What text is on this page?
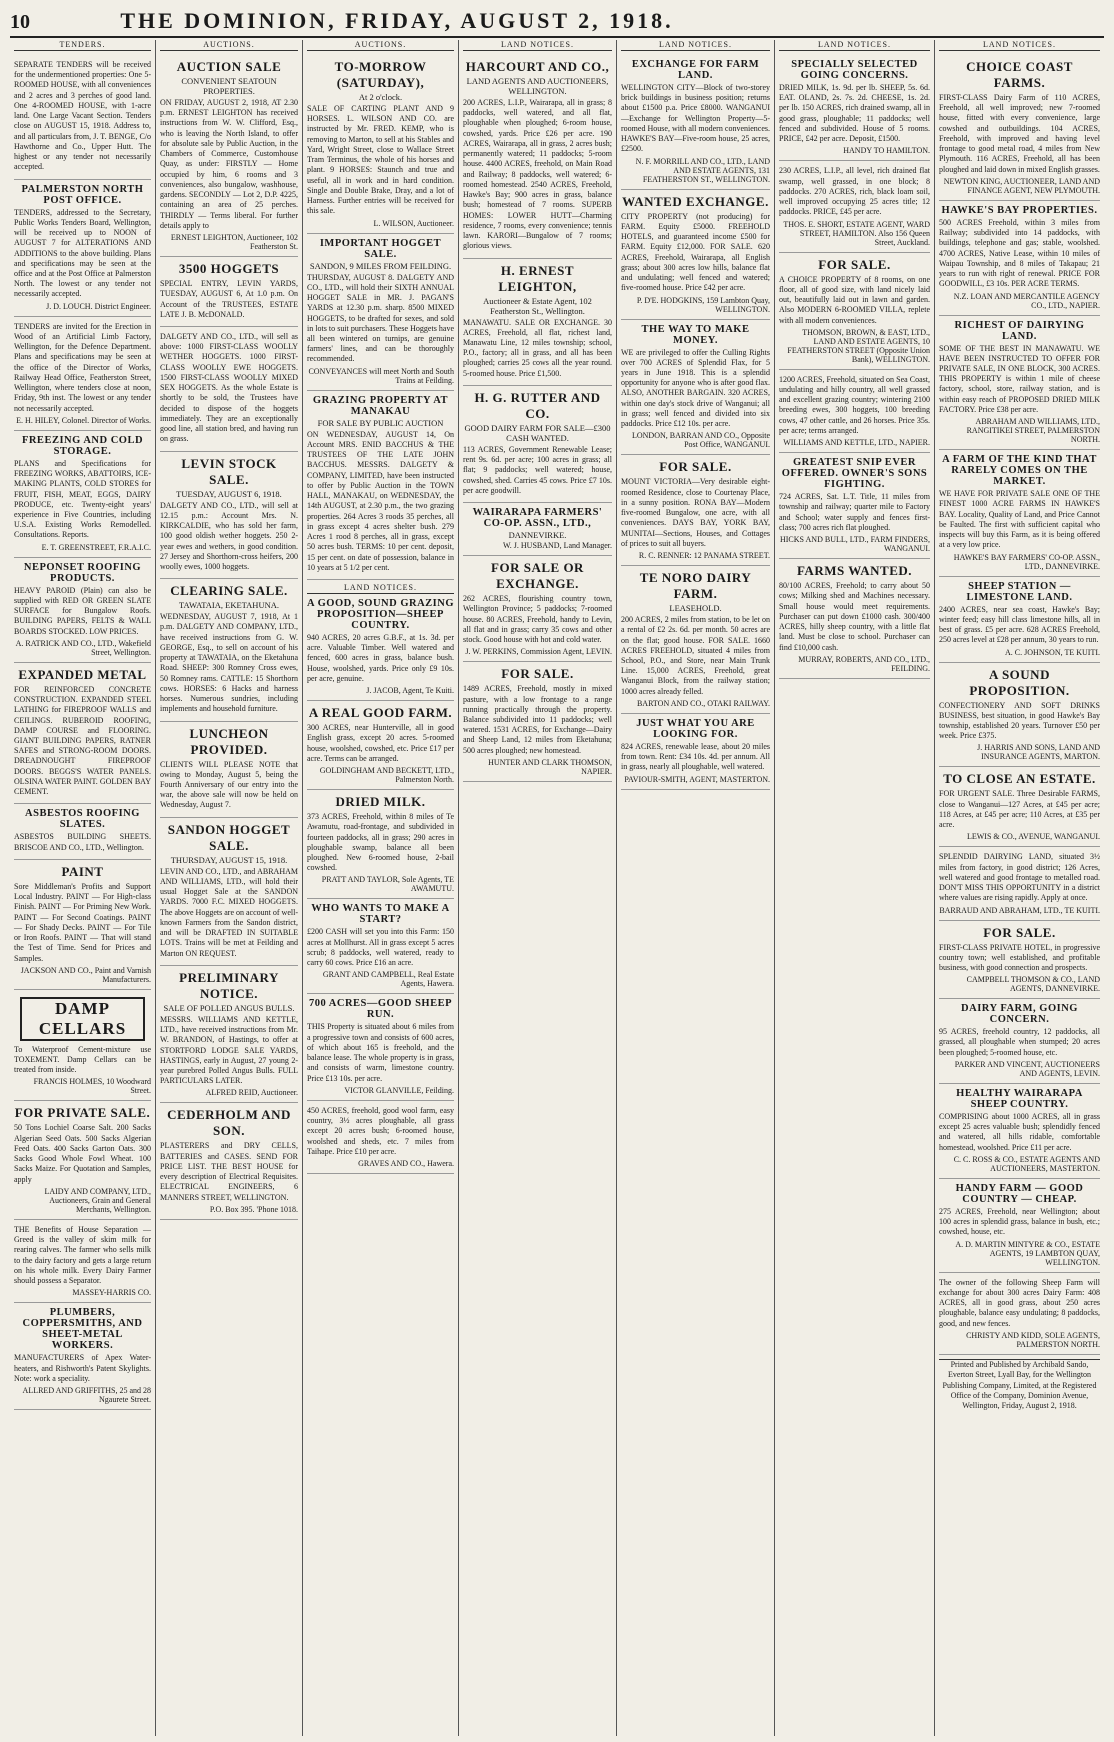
10	THE DOMINION, FRIDAY, AUGUST 2, 1918.
TENDERS.
SEPARATE TENDERS will be received for the undermentioned properties: One 5-ROOMED HOUSE, with all conveniences and 2 acres and 3 perches of good land. One 4-ROOMED HOUSE, with 1-acre land. One Large Vacant Section. Tenders close on AUGUST 15, 1918. Address to, and all particulars from, J. T. BENGE, C/o Hawthorne and Co., Upper Hutt. The highest or any tender not necessarily accepted.
PALMERSTON NORTH POST OFFICE.
TENDERS, addressed to the Secretary, Public Works Tenders Board, Wellington, will be received up to NOON of AUGUST 7 for ALTERATIONS AND ADDITIONS to the above building. Plans and specifications may be seen at the office and at the Post Office at Palmerston North. The lowest or any tender not necessarily accepted.
J. D. LOUCH. District Engineer.
TENDERS are invited for the Erection in Wood of an Artificial Limb Factory, Wellington, for the Defence Department. Plans and specifications may be seen at the office of the Director of Works, Railway Head Office, Featherston Street, Wellington, where tenders close at noon, Friday, 9th inst. The lowest or any tender not necessarily accepted.
E. H. HILEY, Colonel. Director of Works.
FREEZING AND COLD STORAGE.
PLANS and Specifications for FREEZING WORKS, ABATTOIRS, ICE-MAKING PLANTS, COLD STORES for FRUIT, FISH, MEAT, EGGS, DAIRY PRODUCE, etc. Twenty-eight years' experience in Five Countries, including U.S.A. Existing Works Remodelled. Consultations. Reports.
E. T. GREENSTREET, F.R.A.I.C.
NEPONSET ROOFING PRODUCTS.
HEAVY PAROID (Plain) can also be supplied with RED OR GREEN SLATE SURFACE for Bungalow Roofs. BUILDING PAPERS, FELTS & WALL BOARDS STOCKED. LOW PRICES.
A. RATRICK AND CO., LTD., Wakefield Street, Wellington.
EXPANDED METAL
FOR REINFORCED CONCRETE CONSTRUCTION. EXPANDED STEEL LATHING for FIREPROOF WALLS and CEILINGS. RUBEROID ROOFING, DAMP COURSE and FLOORING. GIANT BUILDING PAPERS, RATNER SAFES and STRONG-ROOM DOORS. DREADNOUGHT FIREPROOF DOORS. BEGGS'S WATER PANELS. OLSINA WATER PAINT. GOLDEN BAY CEMENT.
ASBESTOS ROOFING SLATES.
ASBESTOS BUILDING SHEETS. BRISCOE AND CO., LTD., Wellington.
PAINT
Sore Middleman's Profits and Support Local Industry. PAINT — For High-class Finish. PAINT — For Priming New Work. PAINT — For Second Coatings. PAINT — For Shady Decks. PAINT — For Tile or Iron Roofs. PAINT — That will stand the Test of Time. Send for Prices and Samples.
JACKSON AND CO., Paint and Varnish Manufacturers.
DAMP CELLARS
To Waterproof Cement-mixture use TOXEMENT. Damp Cellars can be treated from inside.
FRANCIS HOLMES, 10 Woodward Street.
FOR PRIVATE SALE.
50 Tons Lochiel Coarse Salt. 200 Sacks Algerian Seed Oats. 500 Sacks Algerian Feed Oats. 400 Sacks Garton Oats. 300 Sacks Good Whole Fowl Wheat. 100 Sacks Maize. For Quotation and Samples, apply
LAIDY AND COMPANY, LTD., Auctioneers, Grain and General Merchants, Wellington.
THE Benefits of House Separation — Greed is the valley of skim milk for rearing calves. The farmer who sells milk to the dairy factory and gets a large return on his whole milk. Every Dairy Farmer should possess a Separator.
MASSEY-HARRIS CO.
PLUMBERS, COPPERSMITHS, AND SHEET-METAL WORKERS.
MANUFACTURERS of Apex Water-heaters, and Rishworth's Patent Skylights. Note: work a speciality.
ALLRED AND GRIFFITHS, 25 and 28 Ngaurete Street.
AUCTIONS.
AUCTION SALE
CONVENIENT SEATOUN PROPERTIES.
ON FRIDAY, AUGUST 2, 1918, AT 2.30 p.m. ERNEST LEIGHTON has received instructions from W. W. Clifford, Esq., who is leaving the North Island, to offer for absolute sale by Public Auction, in the Chambers of Commerce, Customhouse Quay, as under: FIRSTLY — Home occupied by him, 6 rooms and 3 conveniences, also bungalow, washhouse, gardens. SECONDLY — Lot 2, D.P. 4225, containing an area of 25 perches. THIRDLY — Terms liberal. For further details apply to
ERNEST LEIGHTON, Auctioneer, 102 Featherston St.
3500 HOGGETS
SPECIAL ENTRY, LEVIN YARDS, TUESDAY, AUGUST 6, At 1.0 p.m. On Account of the TRUSTEES, ESTATE LATE J. B. McDONALD.
DALGETY AND CO., LTD., will sell as above: 1000 FIRST-CLASS WOOLLY WETHER HOGGETS. 1000 FIRST-CLASS WOOLLY EWE HOGGETS. 1500 FIRST-CLASS WOOLLY MIXED SEX HOGGETS. As the whole Estate is shortly to be sold, the Trustees have decided to dispose of the hoggets immediately. They are an exceptionally good line, all station bred, and having run on grass.
LEVIN STOCK SALE.
TUESDAY, AUGUST 6, 1918.
DALGETY AND CO., LTD., will sell at 12.15 p.m.: Account Mrs. N. KIRKCALDIE, who has sold her farm, 100 good oldish wether hoggets. 250 2-year ewes and wethers, in good condition. 27 Jersey and Shorthorn-cross heifers, 200 woolly ewes, 1000 hoggets.
CLEARING SALE.
TAWATAIA, EKETAHUNA.
WEDNESDAY, AUGUST 7, 1918, At 1 p.m. DALGETY AND COMPANY, LTD., have received instructions from G. W. GEORGE, Esq., to sell on account of his property at TAWATAIA, on the Eketahuna Road. SHEEP: 300 Romney Cross ewes, 50 Romney rams. CATTLE: 15 Shorthorn cows. HORSES: 6 Hacks and harness horses. Numerous sundries, including implements and household furniture.
LUNCHEON PROVIDED.
CLIENTS WILL PLEASE NOTE that owing to Monday, August 5, being the Fourth Anniversary of our entry into the war, the above sale will now be held on Wednesday, August 7.
SANDON HOGGET SALE.
THURSDAY, AUGUST 15, 1918.
LEVIN AND CO., LTD., and ABRAHAM AND WILLIAMS, LTD., will hold their usual Hogget Sale at the SANDON YARDS. 7000 F.C. MIXED HOGGETS. The above Hoggets are on account of well-known Farmers from the Sandon district, and will be DRAFTED IN SUITABLE LOTS. Trains will be met at Feilding and Marton ON REQUEST.
PRELIMINARY NOTICE.
SALE OF POLLED ANGUS BULLS.
MESSRS. WILLIAMS AND KETTLE, LTD., have received instructions from Mr. W. BRANDON, of Hastings, to offer at STORTFORD LODGE SALE YARDS, HASTINGS, early in August, 27 young 2-year purebred Polled Angus Bulls. FULL PARTICULARS LATER.
ALFRED REID, Auctioneer.
CEDERHOLM AND SON.
PLASTERERS and DRY CELLS, BATTERIES and CASES. SEND FOR PRICE LIST. THE BEST HOUSE for every description of Electrical Requisites. ELECTRICAL ENGINEERS, 6 MANNERS STREET, WELLINGTON.
P.O. Box 395. 'Phone 1018.
AUCTIONS.
TO-MORROW (SATURDAY),
At 2 o'clock.
SALE OF CARTING PLANT AND 9 HORSES. L. WILSON AND CO. are instructed by Mr. FRED. KEMP, who is removing to Marton, to sell at his Stables and Yard, Wright Street, close to Wallace Street Tram Terminus, the whole of his horses and plant. 9 HORSES: Staunch and true and useful, all in work and in hard condition. Single and Double Brake, Dray, and a lot of Harness. Further entries will be received for this sale.
L. WILSON, Auctioneer.
IMPORTANT HOGGET SALE.
SANDON, 9 MILES FROM FEILDING.
THURSDAY, AUGUST 8. DALGETY AND CO., LTD., will hold their SIXTH ANNUAL HOGGET SALE in MR. J. PAGAN'S YARDS at 12.30 p.m. sharp. 8500 MIXED HOGGETS, to be drafted for sexes, and sold in lots to suit purchasers. These Hoggets have all been wintered on turnips, are genuine farmers' lines, and can be thoroughly recommended.
CONVEYANCES will meet North and South Trains at Feilding.
GRAZING PROPERTY AT MANAKAU
FOR SALE BY PUBLIC AUCTION
ON WEDNESDAY, AUGUST 14, On Account MRS. ENID BACCHUS & THE TRUSTEES OF THE LATE JOHN BACCHUS. MESSRS. DALGETY & COMPANY, LIMITED, have been instructed to offer by Public Auction in the TOWN HALL, MANAKAU, on WEDNESDAY, the 14th AUGUST, at 2.30 p.m., the two grazing properties. 264 Acres 3 roods 35 perches, all in grass except 4 acres shelter bush. 279 Acres 1 rood 8 perches, all in grass, except 50 acres bush. TERMS: 10 per cent. deposit, 15 per cent. on date of possession, balance in 10 years at 5 1/2 per cent.
LAND NOTICES.
A GOOD, SOUND GRAZING PROPOSITION—SHEEP COUNTRY.
940 ACRES, 20 acres G.B.F., at 1s. 3d. per acre. Valuable Timber. Well watered and fenced, 600 acres in grass, balance bush. House, woolshed, yards. Price only £9 10s. per acre, genuine.
J. JACOB, Agent, Te Kuiti.
A REAL GOOD FARM.
300 ACRES, near Hunterville, all in good English grass, except 20 acres. 5-roomed house, woolshed, cowshed, etc. Price £17 per acre. Terms can be arranged.
GOLDINGHAM AND BECKETT, LTD., Palmerston North.
DRIED MILK.
373 ACRES, Freehold, within 8 miles of Te Awamutu, road-frontage, and subdivided in fourteen paddocks, all in grass; 290 acres in ploughable swamp, balance all been ploughed. New 6-roomed house, 2-bail cowshed.
PRATT AND TAYLOR, Sole Agents, TE AWAMUTU.
WHO WANTS TO MAKE A START?
£200 CASH will set you into this Farm: 150 acres at Mollhurst. All in grass except 5 acres scrub; 8 paddocks, well watered, ready to carry 60 cows. Price £16 an acre.
GRANT AND CAMPBELL, Real Estate Agents, Hawera.
700 ACRES—GOOD SHEEP RUN.
THIS Property is situated about 6 miles from a progressive town and consists of 600 acres, of which about 165 is freehold, and the balance lease. The whole property is in grass, and consists of warm, limestone country. Price £13 10s. per acre.
VICTOR GLANVILLE, Feilding.
450 ACRES, freehold, good wool farm, easy country, 3½ acres ploughable, all grass except 20 acres bush; 6-roomed house, woolshed and sheds, etc. 7 miles from Taihape. Price £10 per acre.
GRAVES AND CO., Hawera.
LAND NOTICES.
HARCOURT AND CO.,
LAND AGENTS AND AUCTIONEERS, WELLINGTON.
200 ACRES, L.I.P., Wairarapa, all in grass; 8 paddocks, well watered, and all flat, ploughable when ploughed; 6-room house, cowshed, yards. Price £26 per acre. 190 ACRES, Wairarapa, all in grass, 2 acres bush; permanently watered; 11 paddocks; 5-room house. 4400 ACRES, freehold, on Main Road and Railway; 8 paddocks, well watered; 6-roomed homestead. 2540 ACRES, Freehold, Hawke's Bay; 900 acres in grass, balance bush; homestead of 7 rooms. SUPERB HOMES: LOWER HUTT—Charming residence, 7 rooms, every convenience; tennis lawn. KARORI—Bungalow of 7 rooms; glorious views.
H. ERNEST LEIGHTON,
Auctioneer & Estate Agent, 102 Featherston St., Wellington.
MANAWATU. SALE OR EXCHANGE. 30 ACRES, Freehold, all flat, richest land, Manawatu Line, 12 miles township; school, P.O., factory; all in grass, and all has been ploughed; carries 25 cows all the year round. 5-roomed house. Price £1,500.
H. G. RUTTER AND CO.
GOOD DAIRY FARM FOR SALE—£300 CASH WANTED.
113 ACRES, Government Renewable Lease; rent 9s. 6d. per acre; 100 acres in grass; all flat; 9 paddocks; well watered; house, cowshed, shed. Carries 45 cows. Price £7 10s. per acre goodwill.
WAIRARAPA FARMERS' CO-OP. ASSN., LTD.,
DANNEVIRKE.
W. J. HUSBAND, Land Manager.
FOR SALE OR EXCHANGE.
262 ACRES, flourishing country town, Wellington Province; 5 paddocks; 7-roomed house. 80 ACRES, Freehold, handy to Levin, all flat and in grass; carry 35 cows and other stock. Good house with hot and cold water.
J. W. PERKINS, Commission Agent, LEVIN.
FOR SALE.
1489 ACRES, Freehold, mostly in mixed pasture, with a low frontage to a range running practically through the property. Balance subdivided into 11 paddocks; well watered. 1531 ACRES, for Exchange—Dairy and Sheep Land, 12 miles from Eketahuna; 500 acres ploughed; new homestead.
HUNTER AND CLARK THOMSON, NAPIER.
LAND NOTICES.
EXCHANGE FOR FARM LAND.
WELLINGTON CITY—Block of two-storey brick buildings in business position; returns about £1500 p.a. Price £8000. WANGANUI—Exchange for Wellington Property—5-roomed House, with all modern conveniences. HAWKE'S BAY—Five-room house, 25 acres, £2500.
N. F. MORRILL AND CO., LTD., LAND AND ESTATE AGENTS, 131 FEATHERSTON ST., WELLINGTON.
WANTED EXCHANGE.
CITY PROPERTY (not producing) for FARM. Equity £5000. FREEHOLD HOTELS, and guaranteed income £500 for FARM. Equity £12,000. FOR SALE. 620 ACRES, Freehold, Wairarapa, all English grass; about 300 acres low hills, balance flat and undulating; well fenced and watered; five-roomed house. Price £42 per acre.
P. D'E. HODGKINS, 159 Lambton Quay, WELLINGTON.
THE WAY TO MAKE MONEY.
WE are privileged to offer the Culling Rights over 700 ACRES of Splendid Flax, for 5 years in June 1918. This is a splendid opportunity for anyone who is after good flax. ALSO, ANOTHER BARGAIN. 320 ACRES, within one day's stock drive of Wanganui; all in grass; well fenced and divided into six paddocks. Price £12 10s. per acre.
LONDON, BARRAN AND CO., Opposite Post Office, WANGANUI.
FOR SALE.
MOUNT VICTORIA—Very desirable eight-roomed Residence, close to Courtenay Place, in a sunny position. RONA BAY—Modern five-roomed Bungalow, one acre, with all conveniences. DAYS BAY, YORK BAY, MUNITAI—Sections, Houses, and Cottages of prices to suit all buyers.
R. C. RENNER: 12 PANAMA STREET.
TE NORO DAIRY FARM.
LEASEHOLD.
200 ACRES, 2 miles from station, to be let on a rental of £2 2s. 6d. per month. 50 acres are on the flat; good house. FOR SALE. 1660 ACRES FREEHOLD, situated 4 miles from School, P.O., and Store, near Main Trunk Line. 15,000 ACRES, Freehold, great Wanganui Block, from the railway station; 1000 acres already felled.
BARTON AND CO., OTAKI RAILWAY.
JUST WHAT YOU ARE LOOKING FOR.
824 ACRES, renewable lease, about 20 miles from town. Rent: £34 10s. 4d. per annum. All in grass, nearly all ploughable, well watered.
PAVIOUR-SMITH, AGENT, MASTERTON.
LAND NOTICES.
SPECIALLY SELECTED GOING CONCERNS.
DRIED MILK, 1s. 9d. per lb. SHEEP, 5s. 6d. EAT. OLAND, 2s. 7s. 2d. CHEESE, 1s. 2d. per lb. 150 ACRES, rich drained swamp, all in good grass, ploughable; 11 paddocks; well fenced and subdivided. House of 5 rooms. PRICE, £42 per acre. Deposit, £1500.
HANDY TO HAMILTON.
230 ACRES, L.I.P., all level, rich drained flat swamp, well grassed, in one block; 8 paddocks. 270 ACRES, rich, black loam soil, well improved occupying 25 acres title; 12 paddocks. PRICE, £45 per acre.
THOS. E. SHORT, ESTATE AGENT, WARD STREET, HAMILTON. Also 156 Queen Street, Auckland.
FOR SALE.
A CHOICE PROPERTY of 8 rooms, on one floor, all of good size, with land nicely laid out, beautifully laid out in lawn and garden. Also MODERN 6-ROOMED VILLA, replete with all modern conveniences.
THOMSON, BROWN, & EAST, LTD., LAND AND ESTATE AGENTS, 10 FEATHERSTON STREET (Opposite Union Bank), WELLINGTON.
1200 ACRES, Freehold, situated on Sea Coast, undulating and hilly country, all well grassed and excellent grazing country; wintering 2100 breeding ewes, 300 hoggets, 100 breeding cows, 47 other cattle, and 26 horses. Price 35s. per acre; terms arranged.
WILLIAMS AND KETTLE, LTD., NAPIER.
GREATEST SNIP EVER OFFERED. OWNER'S SONS FIGHTING.
724 ACRES, Sat. L.T. Title, 11 miles from township and railway; quarter mile to Factory and School; water supply and fences first-class; 700 acres rich flat ploughed.
HICKS AND BULL, LTD., FARM FINDERS, WANGANUI.
FARMS WANTED.
80/100 ACRES, Freehold; to carry about 50 cows; Milking shed and Machines necessary. Small house would meet requirements. Purchaser can put down £1000 cash. 300/400 ACRES, hilly sheep country, with a little flat land. Must be close to school. Purchaser can find £10,000 cash.
MURRAY, ROBERTS, AND CO., LTD., FEILDING.
LAND NOTICES.
CHOICE COAST FARMS.
FIRST-CLASS Dairy Farm of 110 ACRES, Freehold, all well improved; new 7-roomed house, fitted with every convenience, large cowshed and outbuildings. 104 ACRES, Freehold, with improved and having level frontage to good metal road, 4 miles from New Plymouth. 116 ACRES, Freehold, all has been ploughed and laid down in mixed English grasses.
NEWTON KING, AUCTIONEER, LAND AND FINANCE AGENT, NEW PLYMOUTH.
HAWKE'S BAY PROPERTIES.
500 ACRES Freehold, within 3 miles from Railway; subdivided into 14 paddocks, with buildings, telephone and gas; stable, woolshed. 4700 ACRES, Native Lease, within 10 miles of Waipau Township, and 8 miles of Takapau; 21 years to run with right of renewal. PRICE FOR GOODWILL, £3 10s. PER ACRE TERMS.
N.Z. LOAN AND MERCANTILE AGENCY CO., LTD., NAPIER.
RICHEST OF DAIRYING LAND.
SOME OF THE BEST IN MANAWATU. WE HAVE BEEN INSTRUCTED TO OFFER FOR PRIVATE SALE, IN ONE BLOCK, 300 ACRES. THIS PROPERTY is within 1 mile of cheese factory, school, store, railway station, and is within easy reach of PROPOSED DRIED MILK FACTORY. Price £38 per acre.
ABRAHAM AND WILLIAMS, LTD., RANGITIKEI STREET, PALMERSTON NORTH.
A FARM OF THE KIND THAT RARELY COMES ON THE MARKET.
WE HAVE FOR PRIVATE SALE ONE OF THE FINEST 1000 ACRE FARMS IN HAWKE'S BAY. Locality, Quality of Land, and Price Cannot be Faulted. The first with sufficient capital who inspects will buy this Farm, as it is being offered at a very low price.
HAWKE'S BAY FARMERS' CO-OP. ASSN., LTD., DANNEVIRKE.
SHEEP STATION — LIMESTONE LAND.
2400 ACRES, near sea coast, Hawke's Bay; winter feed; easy hill class limestone hills, all in best of grass. £5 per acre. 628 ACRES Freehold, 250 acres level at £28 per annum, 30 years to run.
A. C. JOHNSON, TE KUITI.
A SOUND PROPOSITION.
CONFECTIONERY AND SOFT DRINKS BUSINESS, best situation, in good Hawke's Bay township, established 20 years. Turnover £50 per week. Price £375.
J. HARRIS AND SONS, LAND AND INSURANCE AGENTS, MARTON.
TO CLOSE AN ESTATE.
FOR URGENT SALE. Three Desirable FARMS, close to Wanganui—127 Acres, at £45 per acre; 118 Acres, at £45 per acre; 110 Acres, at £35 per acre.
LEWIS & CO., AVENUE, WANGANUI.
SPLENDID DAIRYING LAND, situated 3½ miles from factory, in good district; 126 Acres, well watered and good frontage to metalled road. DON'T MISS THIS OPPORTUNITY in a district where values are rising rapidly. Apply at once.
BARRAUD AND ABRAHAM, LTD., TE KUITI.
FOR SALE.
FIRST-CLASS PRIVATE HOTEL, in progressive country town; well established, and profitable business, with good connection and prospects.
CAMPBELL THOMSON & CO., LAND AGENTS, DANNEVIRKE.
DAIRY FARM, GOING CONCERN.
95 ACRES, freehold country, 12 paddocks, all grassed, all ploughable when stumped; 20 acres been ploughed; 5-roomed house, etc.
PARKER AND VINCENT, AUCTIONEERS AND AGENTS, LEVIN.
HEALTHY WAIRARAPA SHEEP COUNTRY.
COMPRISING about 1000 ACRES, all in grass except 25 acres valuable bush; splendidly fenced and watered, all hills ridable, comfortable homestead, woolshed. Price £11 per acre.
C. C. ROSS & CO., ESTATE AGENTS AND AUCTIONEERS, MASTERTON.
HANDY FARM — GOOD COUNTRY — CHEAP.
275 ACRES, Freehold, near Wellington; about 100 acres in splendid grass, balance in bush, etc.; cowshed, house, etc.
A. D. MARTIN MINTYRE & CO., ESTATE AGENTS, 19 LAMBTON QUAY, WELLINGTON.
The owner of the following Sheep Farm will exchange for about 300 acres Dairy Farm: 408 ACRES, all in good grass, about 250 acres ploughable, balance easy undulating; 8 paddocks, good, and new fences.
CHRISTY AND KIDD, SOLE AGENTS, PALMERSTON NORTH.
Printed and Published by Archibald Sando, Everton Street, Lyall Bay, for the Wellington Publishing Company, Limited, at the Registered Office of the Company, Dominion Avenue, Wellington, Friday, August 2, 1918.
